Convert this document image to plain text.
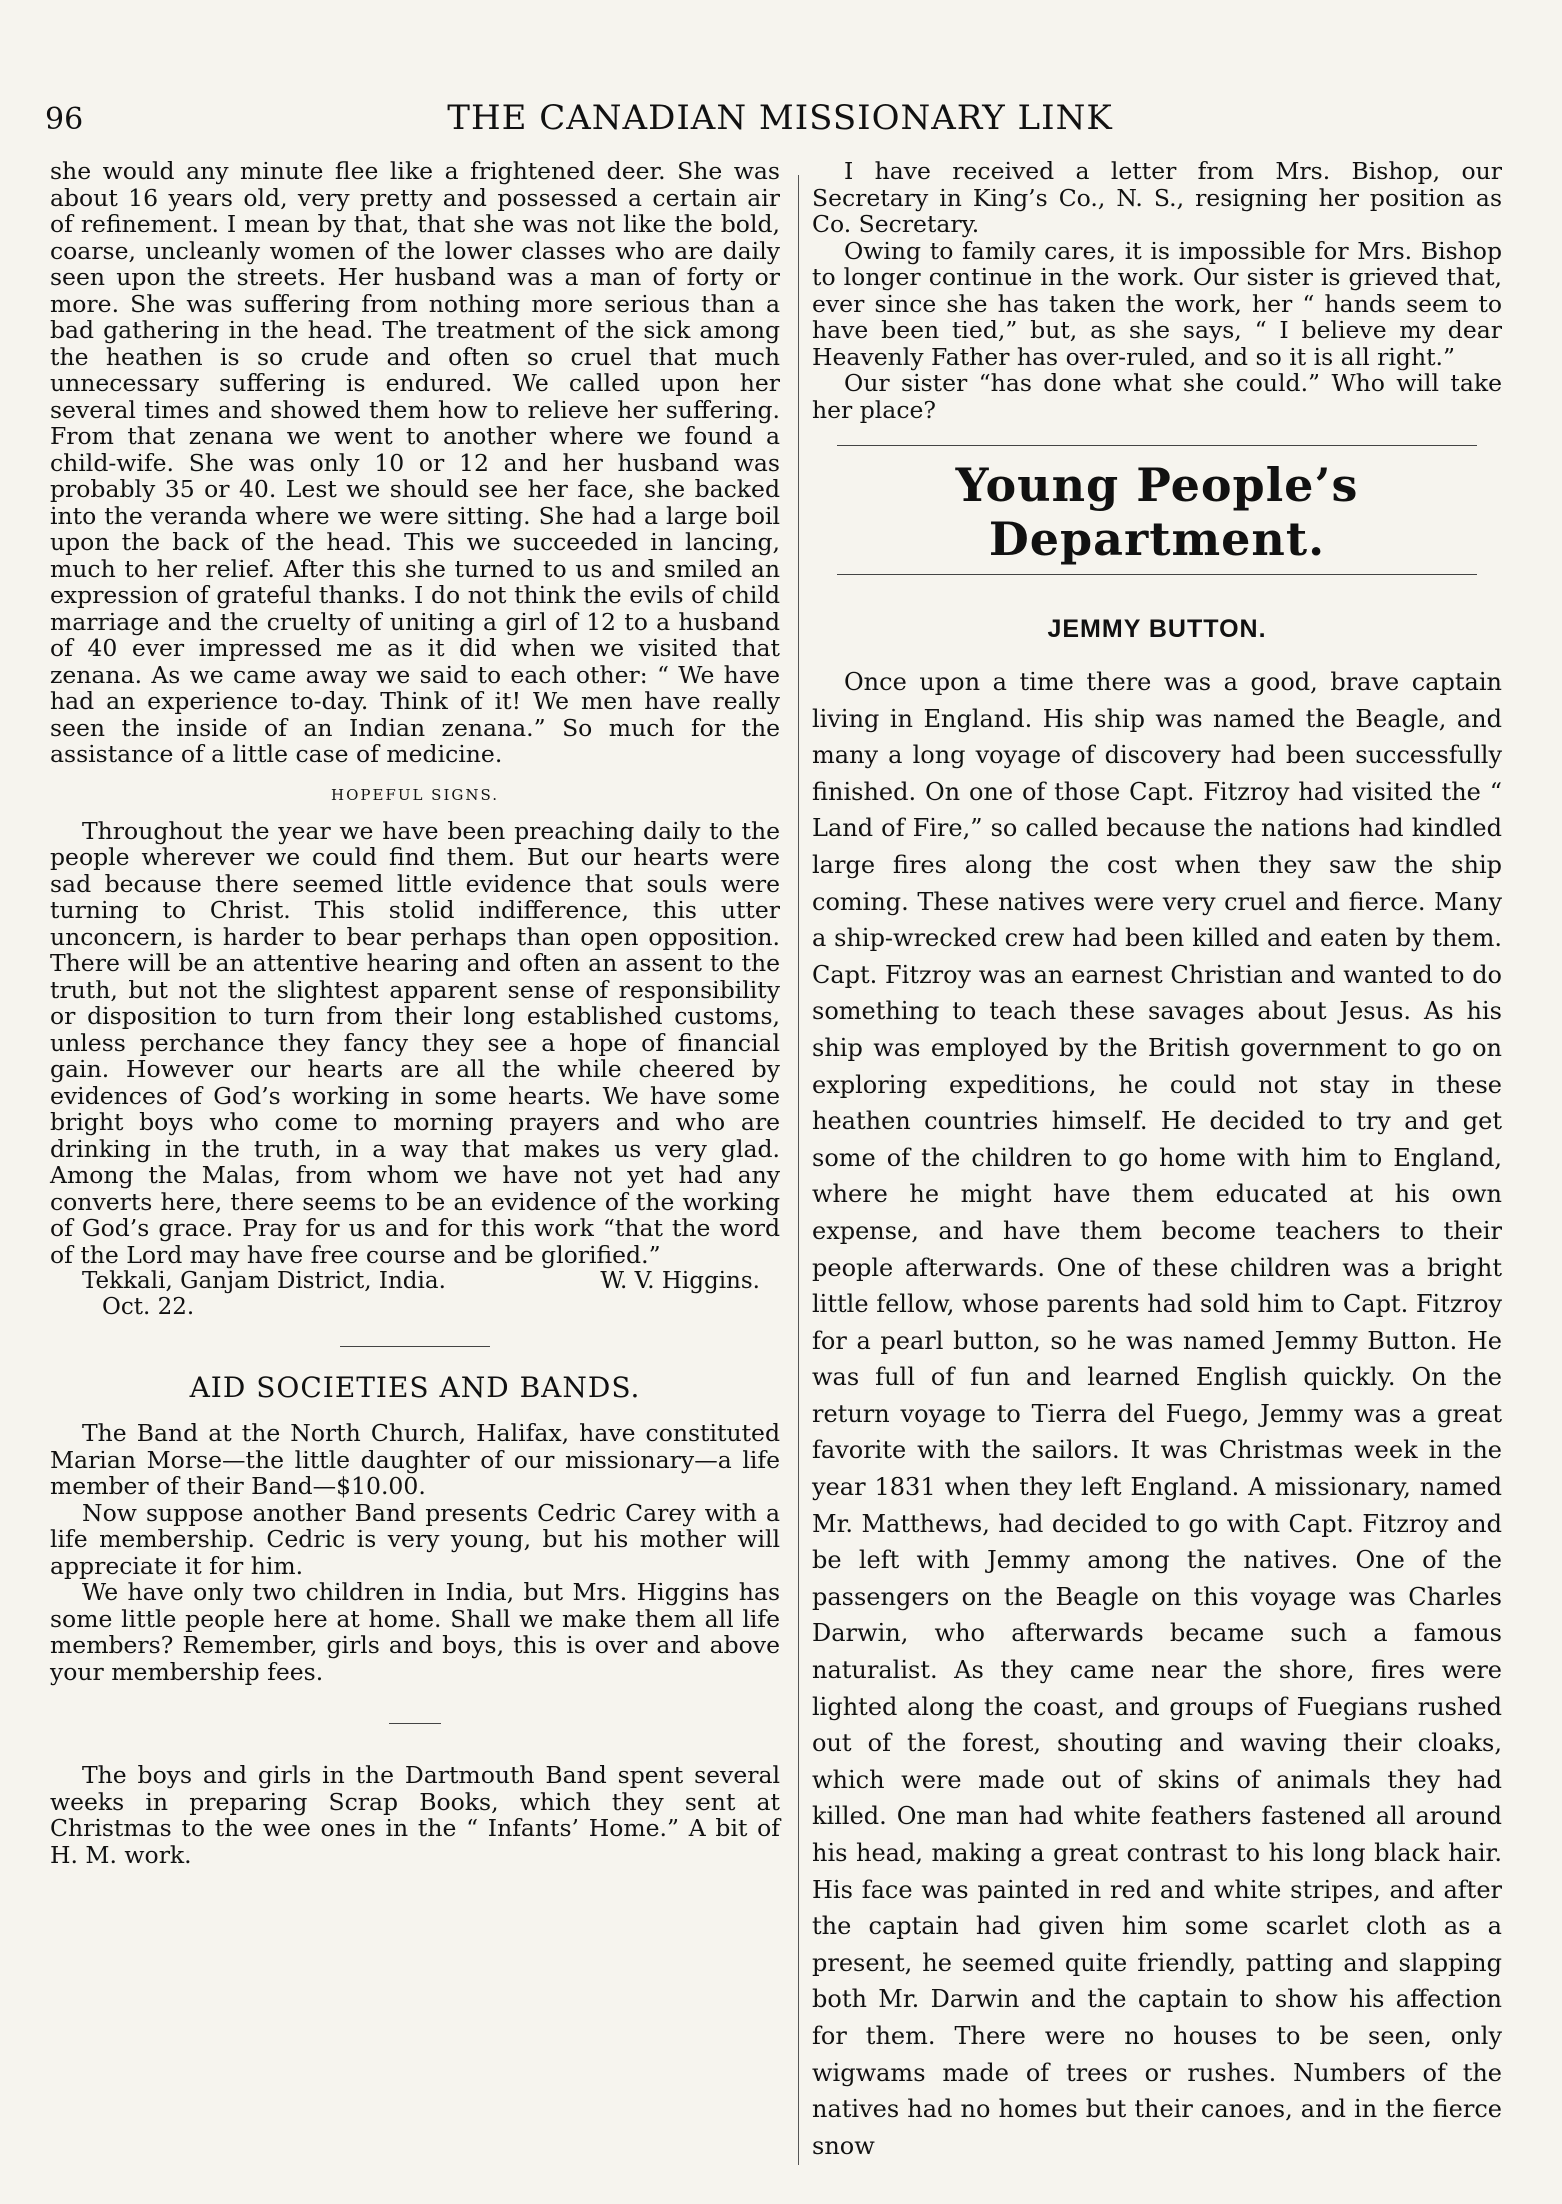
96	THE CANADIAN MISSIONARY LINK

she would any minute flee like a frightened deer. She was about 16 years old, very pretty and possessed a certain air of refinement. I mean by that, that she was not like the bold, coarse, uncleanly women of the lower classes who are daily seen upon the streets. Her husband was a man of forty or more. She was suffering from nothing more serious than a bad gathering in the head. The treatment of the sick among the heathen is so crude and often so cruel that much unnecessary suffering is endured. We called upon her several times and showed them how to relieve her suffering. From that zenana we went to another where we found a child-wife. She was only 10 or 12 and her husband was probably 35 or 40. Lest we should see her face, she backed into the veranda where we were sitting. She had a large boil upon the back of the head. This we succeeded in lancing, much to her relief. After this she turned to us and smiled an expression of grateful thanks. I do not think the evils of child marriage and the cruelty of uniting a girl of 12 to a husband of 40 ever impressed me as it did when we visited that zenana. As we came away we said to each other: “ We have had an experience to-day. Think of it! We men have really seen the inside of an Indian zenana.” So much for the assistance of a little case of medicine.

HOPEFUL SIGNS.

Throughout the year we have been preaching daily to the people wherever we could find them. But our hearts were sad because there seemed little evidence that souls were turning to Christ. This stolid indifference, this utter unconcern, is harder to bear perhaps than open opposition. There will be an attentive hearing and often an assent to the truth, but not the slightest apparent sense of responsibility or disposition to turn from their long established customs, unless perchance they fancy they see a hope of financial gain. However our hearts are all the while cheered by evidences of God’s working in some hearts. We have some bright boys who come to morning prayers and who are drinking in the truth, in a way that makes us very glad. Among the Malas, from whom we have not yet had any converts here, there seems to be an evidence of the working of God’s grace. Pray for us and for this work “that the word of the Lord may have free course and be glorified.”

Tekkali, Ganjam District, India.	W. V. Higgins.
Oct. 22.
AID SOCIETIES AND BANDS.

The Band at the North Church, Halifax, have constituted Marian Morse—the little daughter of our missionary—a life member of their Band—$10.00.

Now suppose another Band presents Cedric Carey with a life membership. Cedric is very young, but his mother will appreciate it for him.

We have only two children in India, but Mrs. Higgins has some little people here at home. Shall we make them all life members? Remember, girls and boys, this is over and above your membership fees.

The boys and girls in the Dartmouth Band spent several weeks in preparing Scrap Books, which they sent at Christmas to the wee ones in the “ Infants’ Home.” A bit of H. M. work.

I have received a letter from Mrs. Bishop, our Secretary in King’s Co., N. S., resigning her position as Co. Secretary.

Owing to family cares, it is impossible for Mrs. Bishop to longer continue in the work. Our sister is grieved that, ever since she has taken the work, her “ hands seem to have been tied,” but, as she says, “ I believe my dear Heavenly Father has over-ruled, and so it is all right.”

Our sister “has done what she could.” Who will take her place?

Young People’s Department.
JEMMY BUTTON.

Once upon a time there was a good, brave captain living in England. His ship was named the Beagle, and many a long voyage of discovery had been successfully finished. On one of those Capt. Fitzroy had visited the “ Land of Fire,” so called because the nations had kindled large fires along the cost when they saw the ship coming. These natives were very cruel and fierce. Many a ship-wrecked crew had been killed and eaten by them. Capt. Fitzroy was an earnest Christian and wanted to do something to teach these savages about Jesus. As his ship was employed by the British government to go on exploring expeditions, he could not stay in these heathen countries himself. He decided to try and get some of the children to go home with him to England, where he might have them educated at his own expense, and have them become teachers to their people afterwards. One of these children was a bright little fellow, whose parents had sold him to Capt. Fitzroy for a pearl button, so he was named Jemmy Button. He was full of fun and learned English quickly. On the return voyage to Tierra del Fuego, Jemmy was a great favorite with the sailors. It was Christmas week in the year 1831 when they left England. A missionary, named Mr. Matthews, had decided to go with Capt. Fitzroy and be left with Jemmy among the natives. One of the passengers on the Beagle on this voyage was Charles Darwin, who afterwards became such a famous naturalist. As they came near the shore, fires were lighted along the coast, and groups of Fuegians rushed out of the forest, shouting and waving their cloaks, which were made out of skins of animals they had killed. One man had white feathers fastened all around his head, making a great contrast to his long black hair. His face was painted in red and white stripes, and after the captain had given him some scarlet cloth as a present, he seemed quite friendly, patting and slapping both Mr. Darwin and the captain to show his affection for them. There were no houses to be seen, only wigwams made of trees or rushes. Numbers of the natives had no homes but their canoes, and in the fierce snow
